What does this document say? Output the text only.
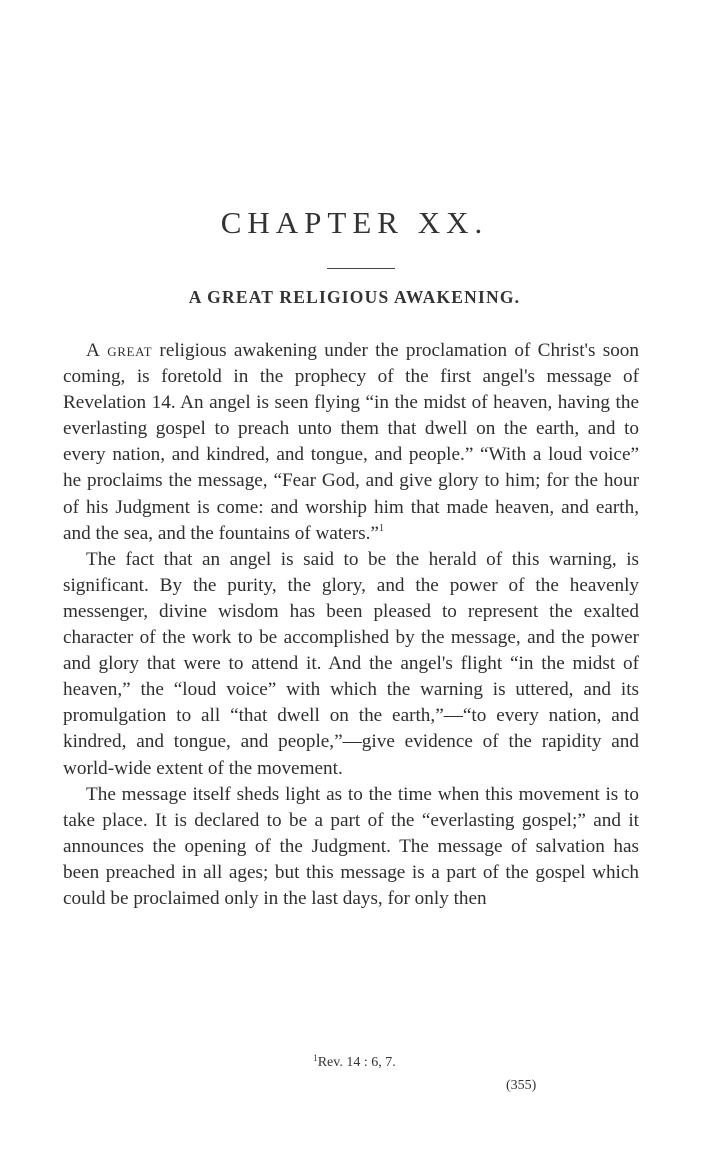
CHAPTER XX.
A GREAT RELIGIOUS AWAKENING.

A great religious awakening under the proclamation of Christ's soon coming, is foretold in the prophecy of the first angel's message of Revelation 14. An angel is seen flying “in the midst of heaven, having the everlasting gospel to preach unto them that dwell on the earth, and to every nation, and kindred, and tongue, and people.” “With a loud voice” he proclaims the message, “Fear God, and give glory to him; for the hour of his Judgment is come: and worship him that made heaven, and earth, and the sea, and the fountains of waters.”$^1$

The fact that an angel is said to be the herald of this warning, is significant. By the purity, the glory, and the power of the heavenly messenger, divine wisdom has been pleased to represent the exalted character of the work to be accomplished by the message, and the power and glory that were to attend it. And the angel's flight “in the midst of heaven,” the “loud voice” with which the warning is uttered, and its promulgation to all “that dwell on the earth,”—“to every nation, and kindred, and tongue, and people,”—give evidence of the rapidity and world-wide extent of the movement.

The message itself sheds light as to the time when this movement is to take place. It is declared to be a part of the “everlasting gospel;” and it announces the opening of the Judgment. The message of salvation has been preached in all ages; but this message is a part of the gospel which could be proclaimed only in the last days, for only then

$^1$Rev. 14 : 6, 7.
(355)
